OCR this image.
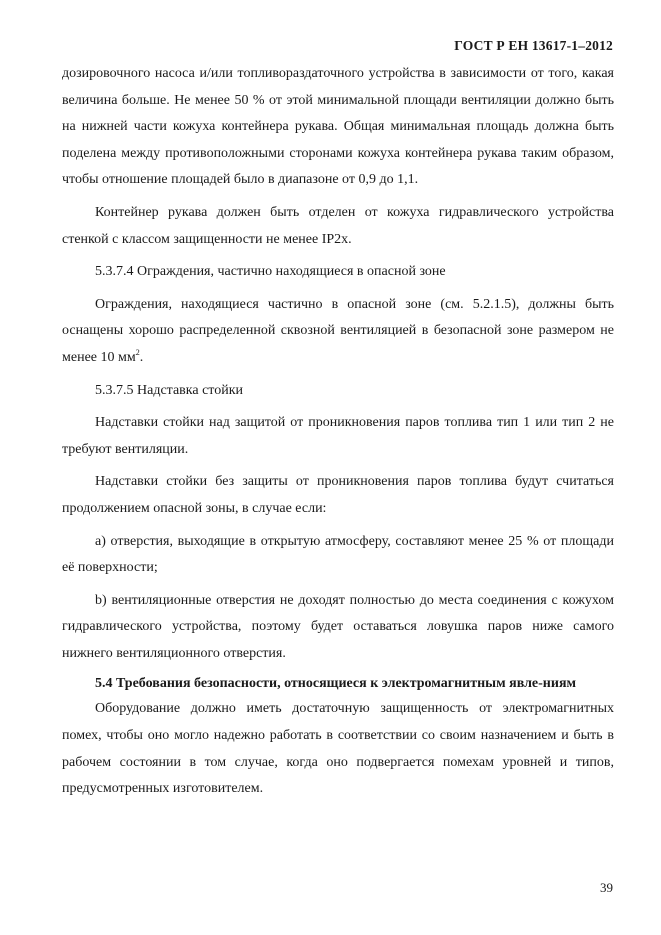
ГОСТ Р ЕН 13617-1–2012

дозировочного насоса и/или топливораздаточного устройства в зависимости от того, какая величина больше. Не менее 50 % от этой минимальной площади вентиляции должно быть на нижней части кожуха контейнера рукава. Общая минимальная площадь должна быть поделена между противоположными сторонами кожуха контейнера рукава таким образом, чтобы отношение площадей было в диапазоне от 0,9 до 1,1.

Контейнер рукава должен быть отделен от кожуха гидравлического устройства стенкой с классом защищенности не менее IP2x.

5.3.7.4 Ограждения, частично находящиеся в опасной зоне

Ограждения, находящиеся частично в опасной зоне (см. 5.2.1.5), должны быть оснащены хорошо распределенной сквозной вентиляцией в безопасной зоне размером не менее 10 $мм^2$.

5.3.7.5 Надставка стойки

Надставки стойки над защитой от проникновения паров топлива тип 1 или тип 2 не требуют вентиляции.

Надставки стойки без защиты от проникновения паров топлива будут считаться продолжением опасной зоны, в случае если:

a) отверстия, выходящие в открытую атмосферу, составляют менее 25 % от площади её поверхности;

b) вентиляционные отверстия не доходят полностью до места соединения с кожухом гидравлического устройства, поэтому будет оставаться ловушка паров ниже самого нижнего вентиляционного отверстия.

5.4 Требования безопасности, относящиеся к электромагнитным явле-ниям

Оборудование должно иметь достаточную защищенность от электромагнитных помех, чтобы оно могло надежно работать в соответствии со своим назначением и быть в рабочем состоянии в том случае, когда оно подвергается помехам уровней и типов, предусмотренных изготовителем.

39
